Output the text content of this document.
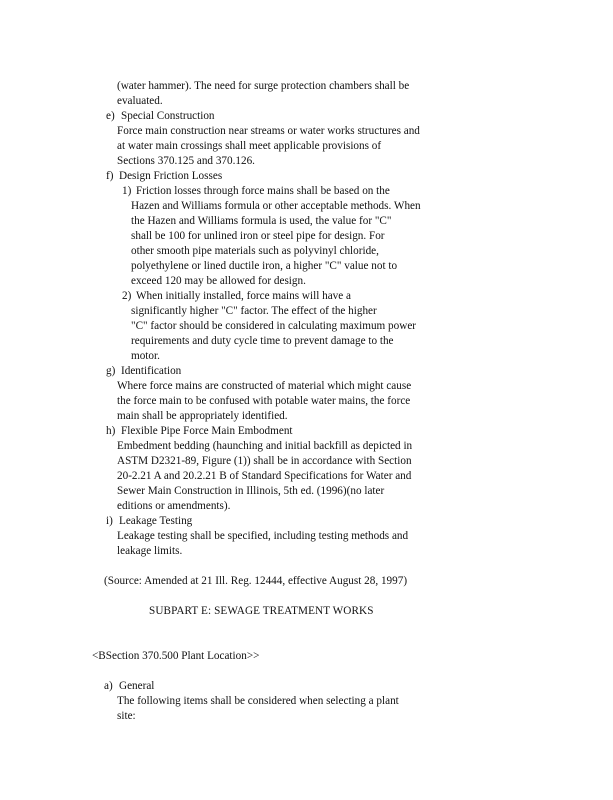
(water hammer). The need for surge protection chambers shall be
evaluated.
e) Special Construction
Force main construction near streams or water works structures and
at water main crossings shall meet applicable provisions of
Sections 370.125 and 370.126.
f) Design Friction Losses
1) Friction losses through force mains shall be based on the
Hazen and Williams formula or other acceptable methods. When
the Hazen and Williams formula is used, the value for "C"
shall be 100 for unlined iron or steel pipe for design. For
other smooth pipe materials such as polyvinyl chloride,
polyethylene or lined ductile iron, a higher "C" value not to
exceed 120 may be allowed for design.
2) When initially installed, force mains will have a
significantly higher "C" factor. The effect of the higher
"C" factor should be considered in calculating maximum power
requirements and duty cycle time to prevent damage to the
motor.
g) Identification
Where force mains are constructed of material which might cause
the force main to be confused with potable water mains, the force
main shall be appropriately identified.
h) Flexible Pipe Force Main Embodment
Embedment bedding (haunching and initial backfill as depicted in
ASTM D2321-89, Figure (1)) shall be in accordance with Section
20-2.21 A and 20.2.21 B of Standard Specifications for Water and
Sewer Main Construction in Illinois, 5th ed. (1996)(no later
editions or amendments).
i) Leakage Testing
Leakage testing shall be specified, including testing methods and
leakage limits.
(Source: Amended at 21 Ill. Reg. 12444, effective August 28, 1997)
SUBPART E: SEWAGE TREATMENT WORKS
<BSection 370.500 Plant Location>>
a) General
The following items shall be considered when selecting a plant
site:
